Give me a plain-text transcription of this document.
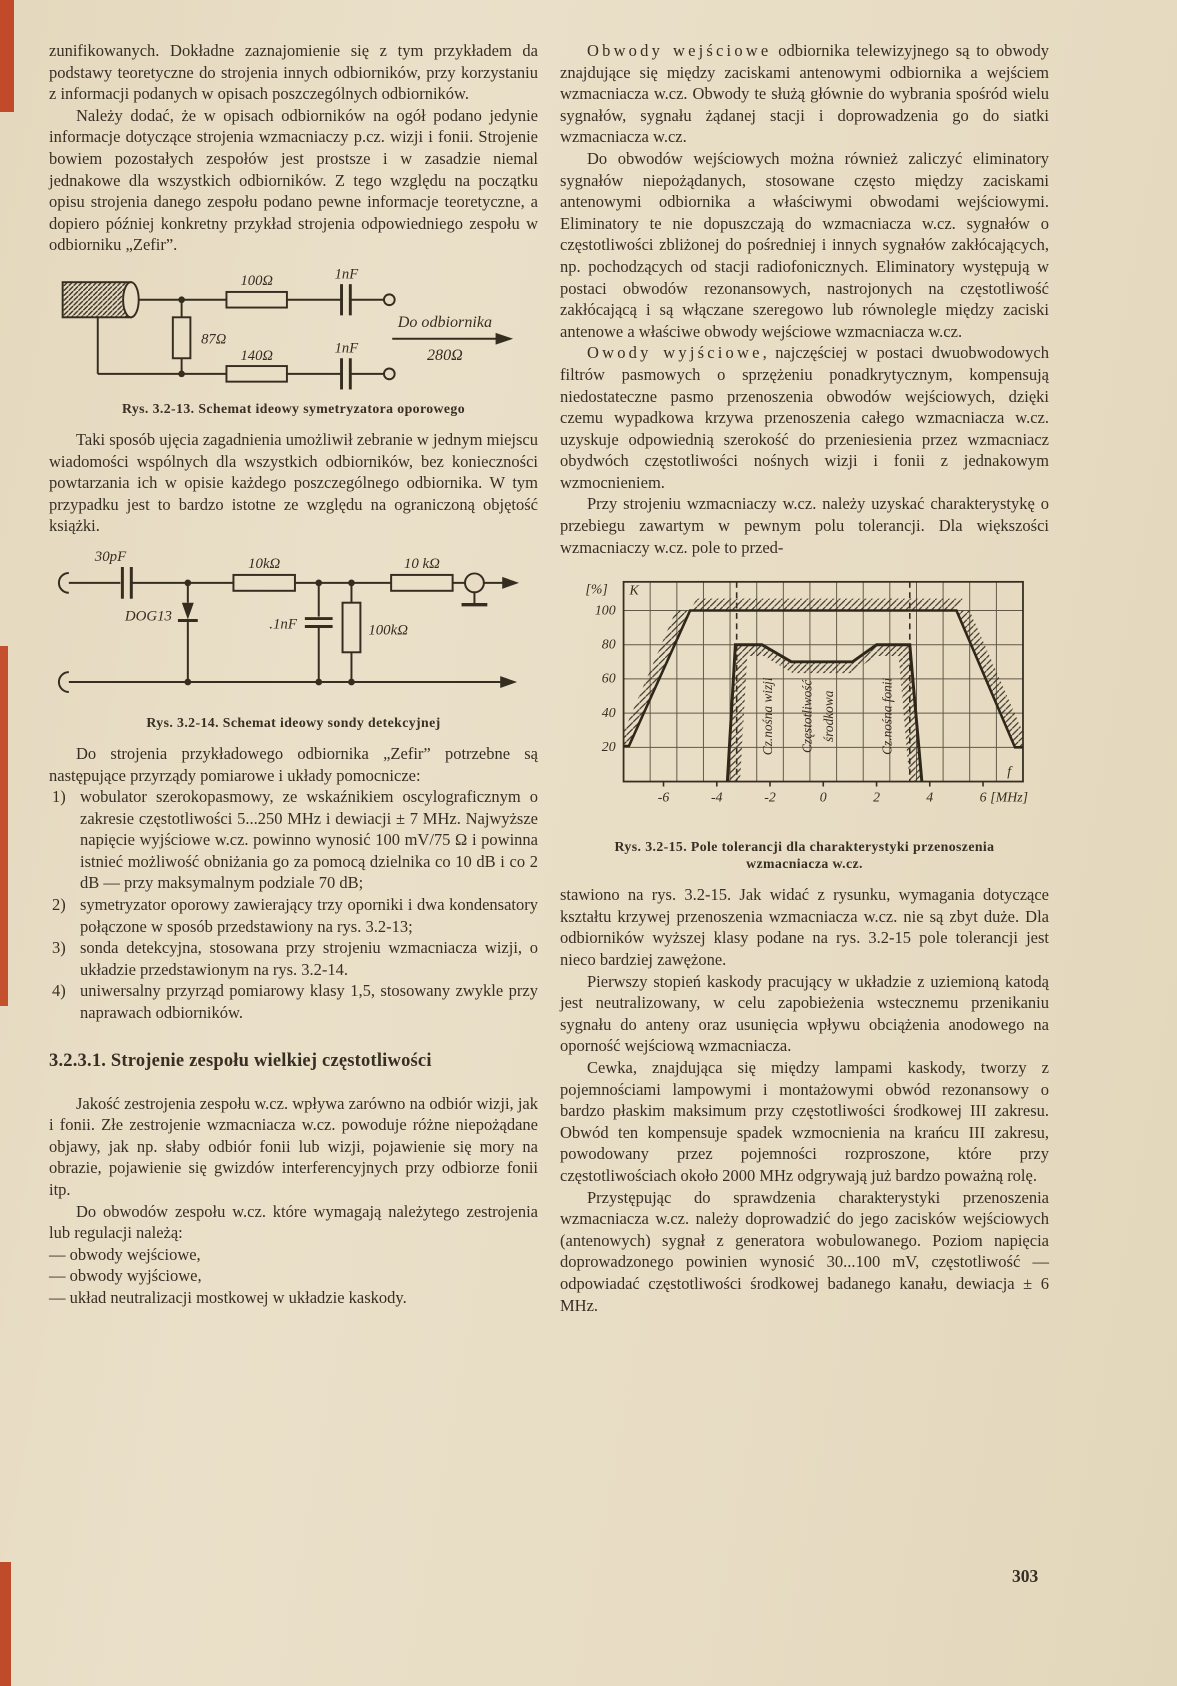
zunifikowanych. Dokładne zaznajomienie się z tym przykładem da podstawy teoretyczne do strojenia innych odbiorników, przy korzystaniu z informacji podanych w opisach poszczególnych odbiorników.

Należy dodać, że w opisach odbiorników na ogół podano jedynie informacje dotyczące strojenia wzmacniaczy p.cz. wizji i fonii. Strojenie bowiem pozostałych zespołów jest prostsze i w zasadzie niemal jednakowe dla wszystkich odbiorników. Z tego względu na początku opisu strojenia danego zespołu podano pewne informacje teoretyczne, a dopiero później konkretny przykład strojenia odpowiedniego zespołu w odbiorniku „Zefir”.

100Ω	1nF
87Ω
140Ω	1nF
Do odbiornika
280Ω
Rys. 3.2-13. Schemat ideowy symetryzatora oporowego

Taki sposób ujęcia zagadnienia umożliwił zebranie w jednym miejscu wiadomości wspólnych dla wszystkich odbiorników, bez konieczności powtarzania ich w opisie każdego poszczególnego odbiornika. W tym przypadku jest to bardzo istotne ze względu na ograniczoną objętość książki.

30pF
DOG13
10kΩ
.1nF	100kΩ
10 kΩ
Rys. 3.2-14. Schemat ideowy sondy detekcyjnej

Do strojenia przykładowego odbiornika „Zefir” potrzebne są następujące przyrządy pomiarowe i układy pomocnicze:

1) wobulator szerokopasmowy, ze wskaźnikiem oscylograficznym o zakresie częstotliwości 5...250 MHz i dewiacji ± 7 MHz. Najwyższe napięcie wyjściowe w.cz. powinno wynosić 100 mV/75 Ω i powinna istnieć możliwość obniżania go za pomocą dzielnika co 10 dB i co 2 dB — przy maksymalnym podziale 70 dB;
2) symetryzator oporowy zawierający trzy oporniki i dwa kondensatory połączone w sposób przedstawiony na rys. 3.2-13;
3) sonda detekcyjna, stosowana przy strojeniu wzmacniacza wizji, o układzie przedstawionym na rys. 3.2-14.
4) uniwersalny przyrząd pomiarowy klasy 1,5, stosowany zwykle przy naprawach odbiorników.
3.2.3.1. Strojenie zespołu wielkiej częstotliwości

Jakość zestrojenia zespołu w.cz. wpływa zarówno na odbiór wizji, jak i fonii. Złe zestrojenie wzmacniacza w.cz. powoduje różne niepożądane objawy, jak np. słaby odbiór fonii lub wizji, pojawienie się mory na obrazie, pojawienie się gwizdów interferencyjnych przy odbiorze fonii itp.

Do obwodów zespołu w.cz. które wymagają należytego zestrojenia lub regulacji należą:

— obwody wejściowe,

— obwody wyjściowe,

— układ neutralizacji mostkowej w układzie kaskody.

Obwody wejściowe odbiornika telewizyjnego są to obwody znajdujące się między zaciskami antenowymi odbiornika a wejściem wzmacniacza w.cz. Obwody te służą głównie do wybrania spośród wielu sygnałów, sygnału żądanej stacji i doprowadzenia go do siatki wzmacniacza w.cz.

Do obwodów wejściowych można również zaliczyć eliminatory sygnałów niepożądanych, stosowane często między zaciskami antenowymi odbiornika a właściwymi obwodami wejściowymi. Eliminatory te nie dopuszczają do wzmacniacza w.cz. sygnałów o częstotliwości zbliżonej do pośredniej i innych sygnałów zakłócających, np. pochodzących od stacji radiofonicznych. Eliminatory występują w postaci obwodów rezonansowych, nastrojonych na częstotliwość zakłócającą i są włączane szeregowo lub równolegle między zaciski antenowe a właściwe obwody wejściowe wzmacniacza w.cz.

Owody wyjściowe, najczęściej w postaci dwuobwodowych filtrów pasmowych o sprzężeniu ponadkrytycznym, kompensują niedostateczne pasmo przenoszenia obwodów wejściowych, dzięki czemu wypadkowa krzywa przenoszenia całego wzmacniacza w.cz. uzyskuje odpowiednią szerokość do przeniesienia przez wzmacniacz obydwóch częstotliwości nośnych wizji i fonii z jednakowym wzmocnieniem.

Przy strojeniu wzmacniaczy w.cz. należy uzyskać charakterystykę o przebiegu zawartym w pewnym polu tolerancji. Dla większości wzmacniaczy w.cz. pole to przed-

100
80
60
40
20
-6	-4	-2	0	2	4	6
[%] K
f
[MHz]
Cz.nośna wizji Częstotliwość środkowa	Cz.nośna fonii
Rys. 3.2-15. Pole tolerancji dla charakterystyki przenoszenia
wzmacniacza w.cz.

stawiono na rys. 3.2-15. Jak widać z rysunku, wymagania dotyczące kształtu krzywej przenoszenia wzmacniacza w.cz. nie są zbyt duże. Dla odbiorników wyższej klasy podane na rys. 3.2-15 pole tolerancji jest nieco bardziej zawężone.

Pierwszy stopień kaskody pracujący w układzie z uziemioną katodą jest neutralizowany, w celu zapobieżenia wstecznemu przenikaniu sygnału do anteny oraz usunięcia wpływu obciążenia anodowego na oporność wejściową wzmacniacza.

Cewka, znajdująca się między lampami kaskody, tworzy z pojemnościami lampowymi i montażowymi obwód rezonansowy o bardzo płaskim maksimum przy częstotliwości środkowej III zakresu. Obwód ten kompensuje spadek wzmocnienia na krańcu III zakresu, powodowany przez pojemności rozproszone, które przy częstotliwościach około 2000 MHz odgrywają już bardzo poważną rolę.

Przystępując do sprawdzenia charakterystyki przenoszenia wzmacniacza w.cz. należy doprowadzić do jego zacisków wejściowych (antenowych) sygnał z generatora wobulowanego. Poziom napięcia doprowadzonego powinien wynosić 30...100 mV, częstotliwość — odpowiadać częstotliwości środkowej badanego kanału, dewiacja ± 6 MHz.

303
